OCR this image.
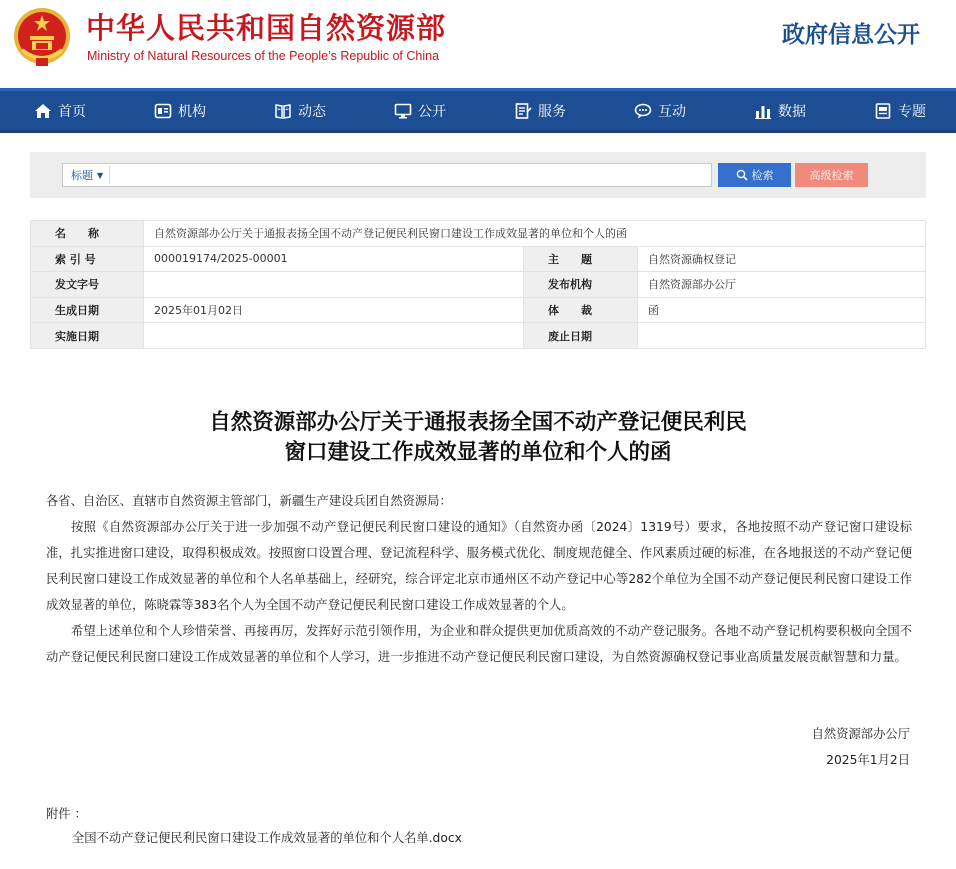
中华人民共和国自然资源部
Ministry of Natural Resources of the People’s Republic of China
政府信息公开
首页	机构	动态	公开	服务	互动	数据	专题
标题 ▼	检索	高级检索
名　　称	自然资源部办公厅关于通报表扬全国不动产登记便民利民窗口建设工作成效显著的单位和个人的函		
索 引 号	000019174/2025-00001	主　　题	自然资源确权登记
发文字号		发布机构	自然资源部办公厅
生成日期	2025年01月02日	体　　裁	函
实施日期		废止日期	
自然资源部办公厅关于通报表扬全国不动产登记便民利民
窗口建设工作成效显著的单位和个人的函

各省、自治区、直辖市自然资源主管部门，新疆生产建设兵团自然资源局：

按照《自然资源部办公厅关于进一步加强不动产登记便民利民窗口建设的通知》（自然资办函〔2024〕1319号）要求，各地按照不动产登记窗口建设标准，扎实推进窗口建设，取得积极成效。按照窗口设置合理、登记流程科学、服务模式优化、制度规范健全、作风素质过硬的标准，在各地报送的不动产登记便民利民窗口建设工作成效显著的单位和个人名单基础上，经研究，综合评定北京市通州区不动产登记中心等282个单位为全国不动产登记便民利民窗口建设工作成效显著的单位，陈晓霖等383名个人为全国不动产登记便民利民窗口建设工作成效显著的个人。

希望上述单位和个人珍惜荣誉、再接再厉，发挥好示范引领作用，为企业和群众提供更加优质高效的不动产登记服务。各地不动产登记机构要积极向全国不动产登记便民利民窗口建设工作成效显著的单位和个人学习，进一步推进不动产登记便民利民窗口建设，为自然资源确权登记事业高质量发展贡献智慧和力量。

自然资源部办公厅
2025年1月2日
附件 ：
全国不动产登记便民利民窗口建设工作成效显著的单位和个人名单.docx
